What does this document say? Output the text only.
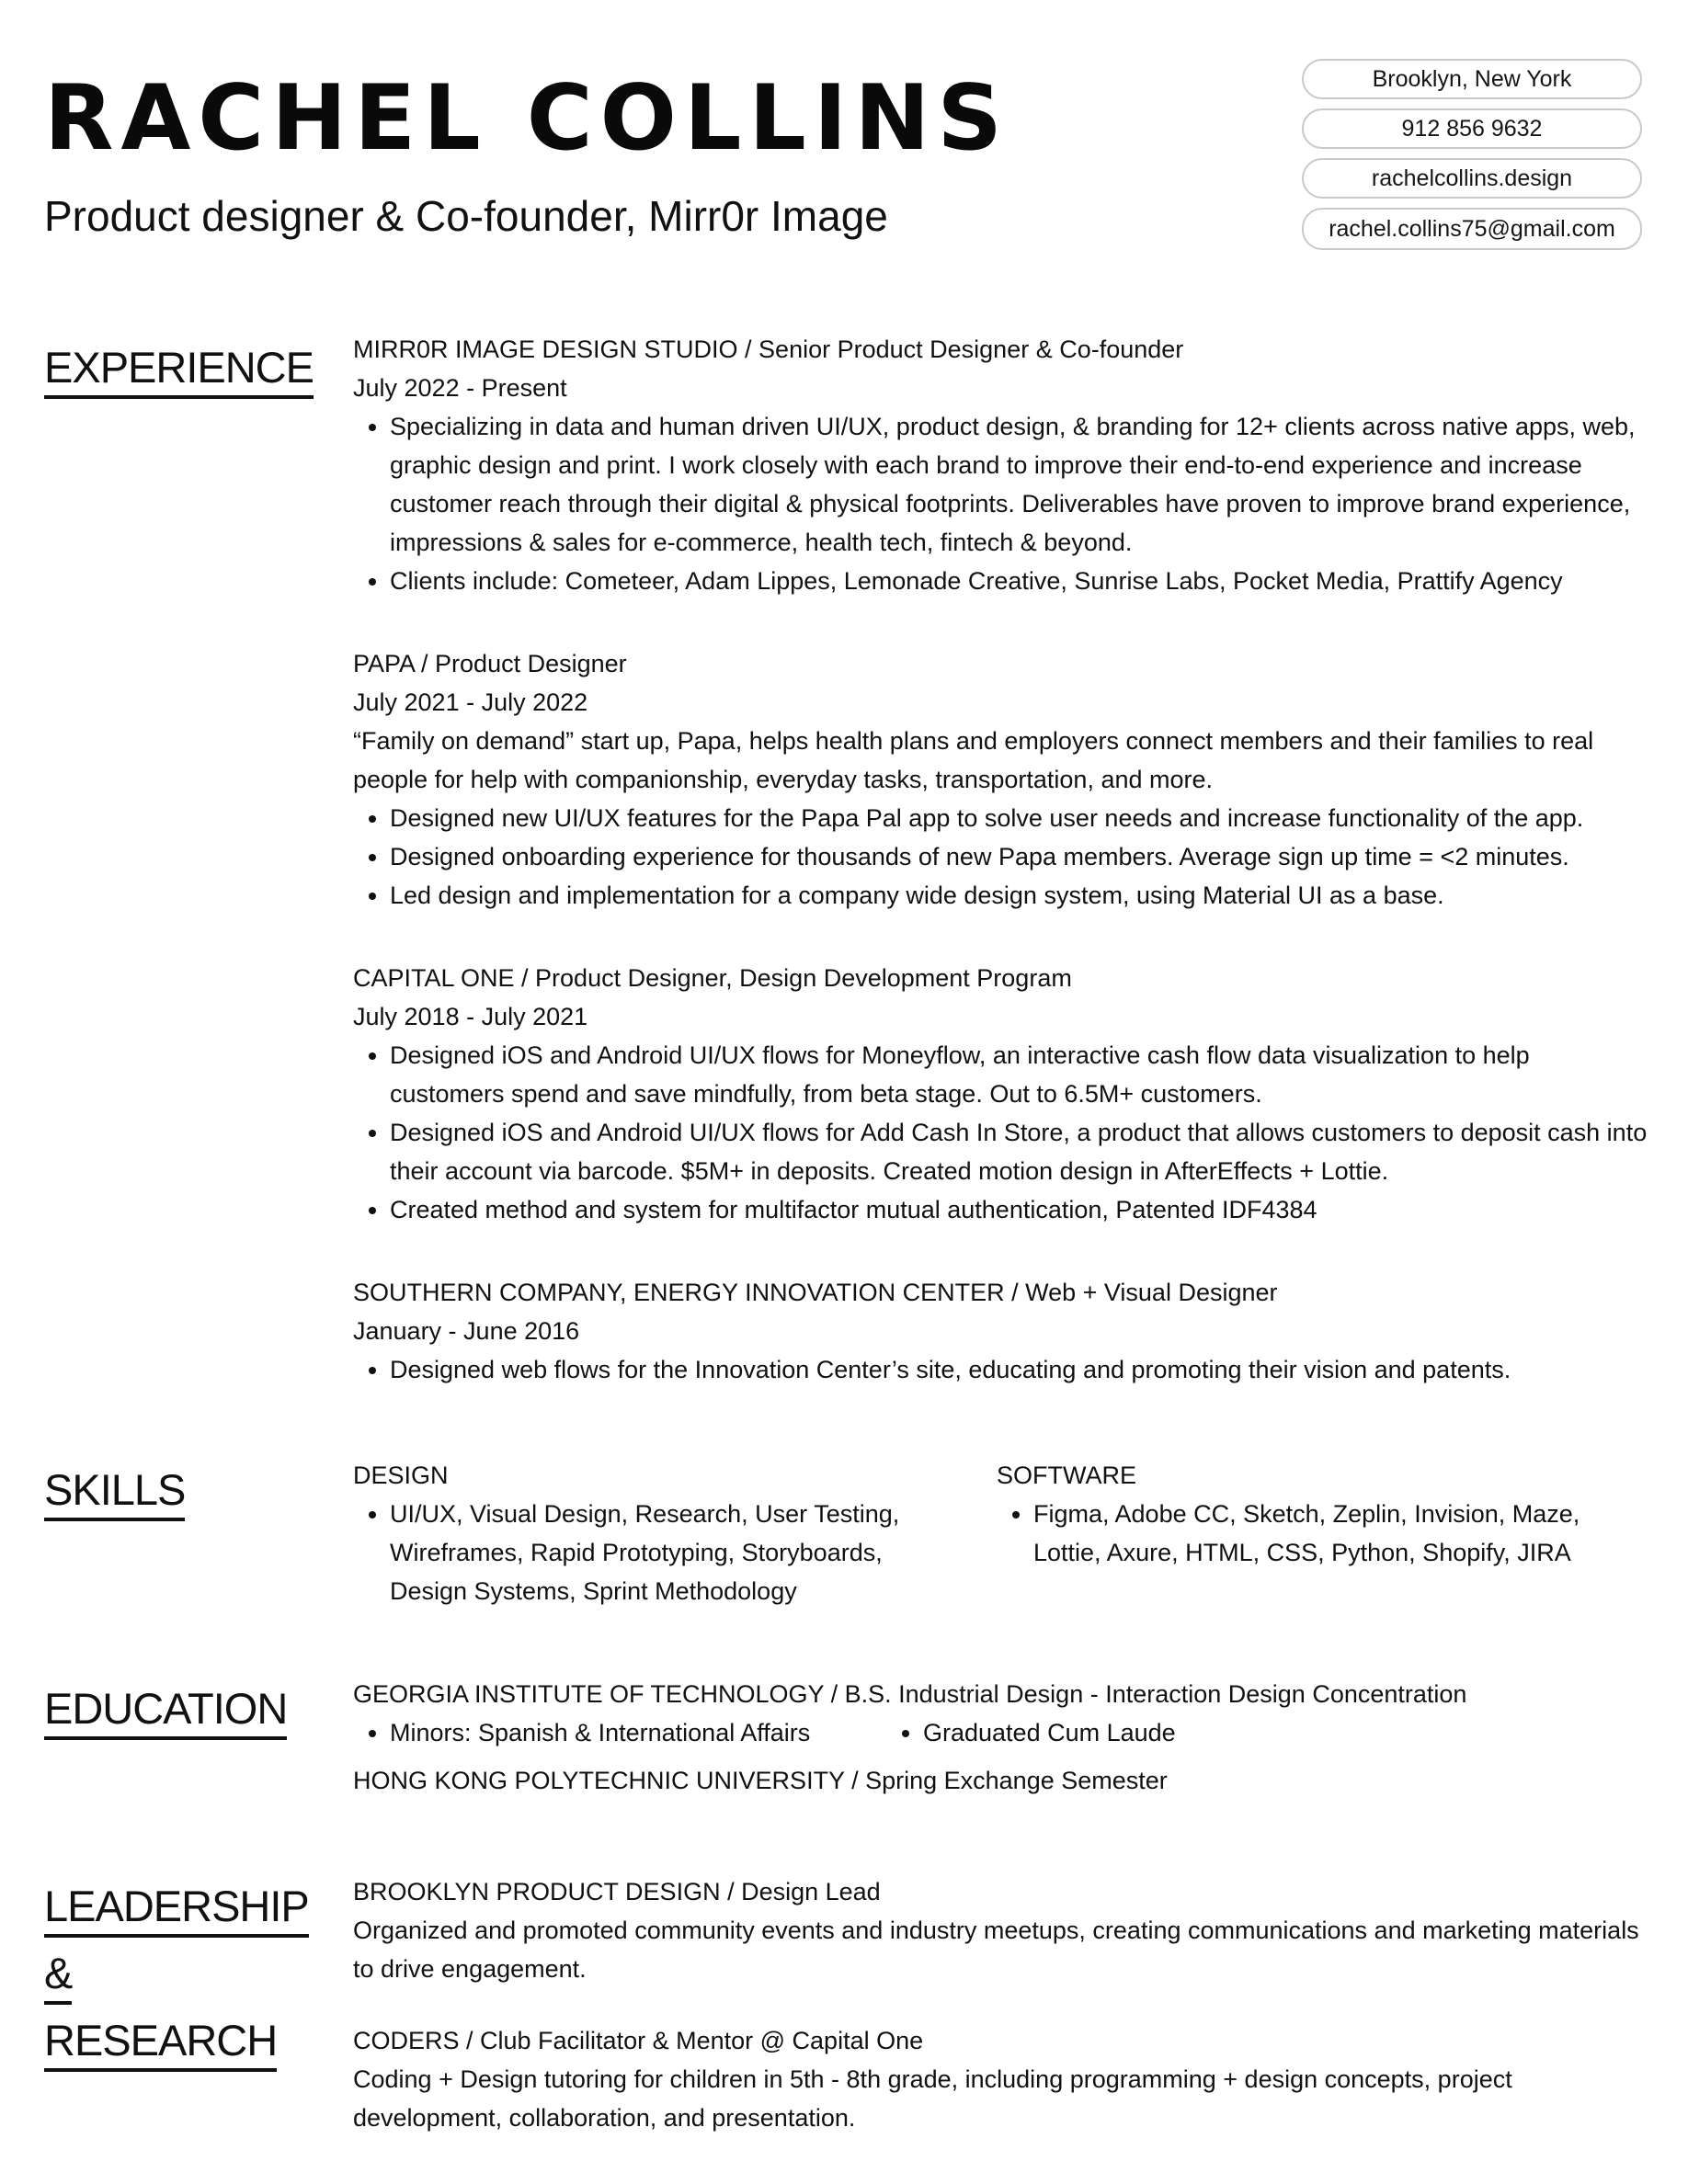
RACHEL COLLINS
Product designer & Co-founder, Mirr0r Image
Brooklyn, New York
912 856 9632
rachelcollins.design
rachel.collins75@gmail.com
EXPERIENCE MIRR0R IMAGE DESIGN STUDIO / Senior Product Designer & Co-founder

July 2022 - Present

• Specializing in data and human driven UI/UX, product design, & branding for 12+ clients across native apps, web, graphic design and print. I work closely with each brand to improve their end-to-end experience and increase customer reach through their digital & physical footprints. Deliverables have proven to improve brand experience, impressions & sales for e-commerce, health tech, fintech & beyond.
• Clients include: Cometeer, Adam Lippes, Lemonade Creative, Sunrise Labs, Pocket Media, Prattify Agency

PAPA / Product Designer

July 2021 - July 2022

“Family on demand” start up, Papa, helps health plans and employers connect members and their families to real people for help with companionship, everyday tasks, transportation, and more.

• Designed new UI/UX features for the Papa Pal app to solve user needs and increase functionality of the app.
• Designed onboarding experience for thousands of new Papa members. Average sign up time = <2 minutes.
• Led design and implementation for a company wide design system, using Material UI as a base.

CAPITAL ONE / Product Designer, Design Development Program

July 2018 - July 2021

• Designed iOS and Android UI/UX flows for Moneyflow, an interactive cash flow data visualization to help customers spend and save mindfully, from beta stage. Out to 6.5M+ customers.
• Designed iOS and Android UI/UX flows for Add Cash In Store, a product that allows customers to deposit cash into their account via barcode. $5M+ in deposits. Created motion design in AfterEffects + Lottie.
• Created method and system for multifactor mutual authentication, Patented IDF4384

SOUTHERN COMPANY, ENERGY INNOVATION CENTER / Web + Visual Designer

January - June 2016

• Designed web flows for the Innovation Center’s site, educating and promoting their vision and patents.
SKILLS	DESIGN

• UI/UX, Visual Design, Research, User Testing, Wireframes, Rapid Prototyping, Storyboards, Design Systems, Sprint Methodology

SOFTWARE

• Figma, Adobe CC, Sketch, Zeplin, Invision, Maze, Lottie, Axure, HTML, CSS, Python, Shopify, JIRA
EDUCATION	GEORGIA INSTITUTE OF TECHNOLOGY / B.S. Industrial Design - Interaction Design Concentration

• Minors: Spanish & International Affairs
•	Graduated Cum Laude

HONG KONG POLYTECHNIC UNIVERSITY / Spring Exchange Semester

LEADERSHIP
&
RESEARCH

BROOKLYN PRODUCT DESIGN / Design Lead

Organized and promoted community events and industry meetups, creating communications and marketing materials to drive engagement.

CODERS / Club Facilitator & Mentor @ Capital One

Coding + Design tutoring for children in 5th - 8th grade, including programming + design concepts, project development, collaboration, and presentation.
